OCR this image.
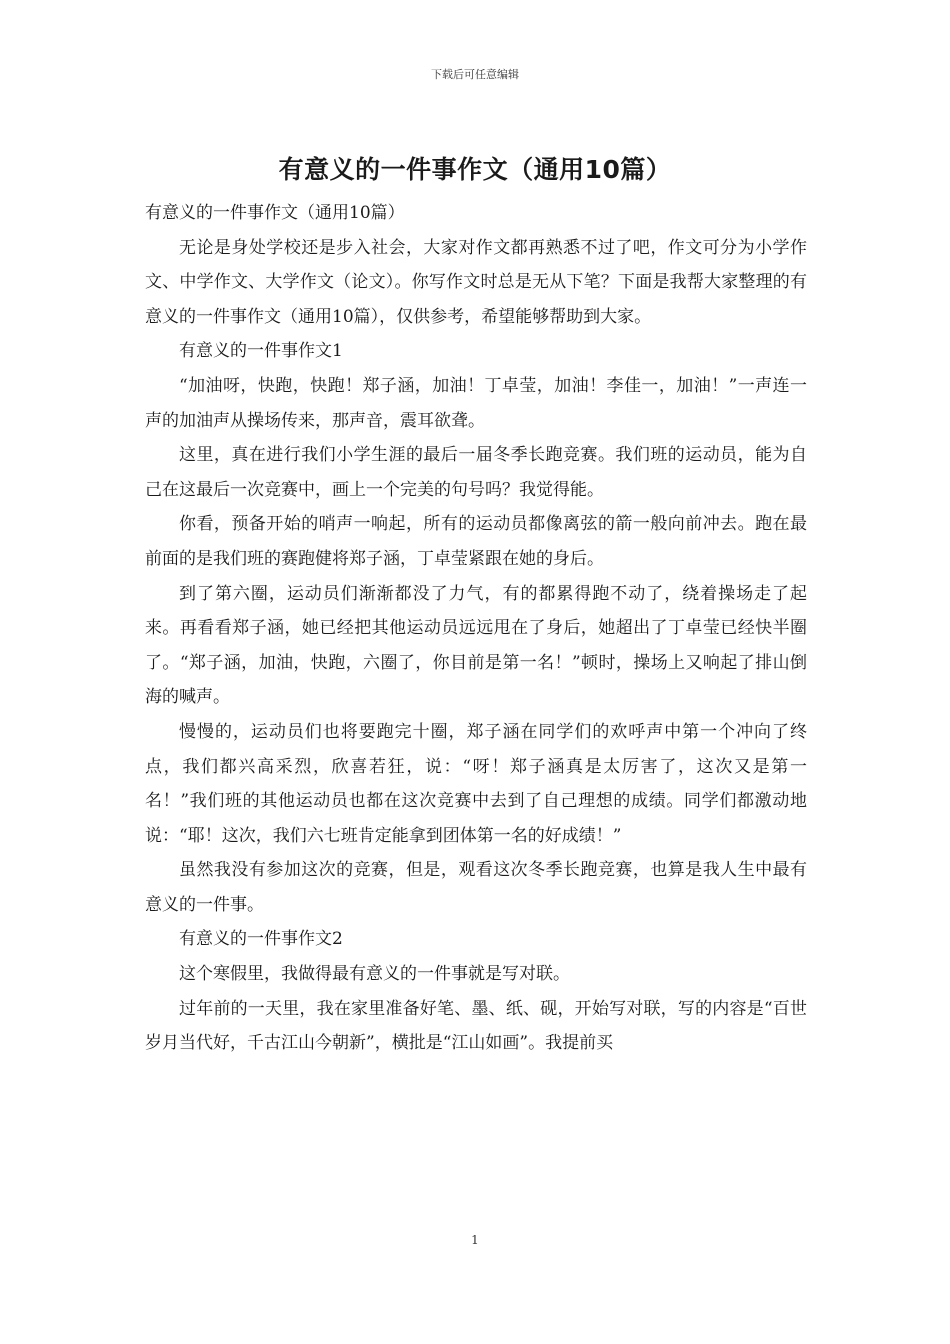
下载后可任意编辑
有意义的一件事作文（通用10篇）

有意义的一件事作文（通用10篇）

无论是身处学校还是步入社会，大家对作文都再熟悉不过了吧，作文可分为小学作文、中学作文、大学作文（论文）。你写作文时总是无从下笔？下面是我帮大家整理的有意义的一件事作文（通用10篇），仅供参考，希望能够帮助到大家。

有意义的一件事作文1

“加油呀，快跑，快跑！郑子涵，加油！丁卓莹，加油！李佳一，加油！”一声连一声的加油声从操场传来，那声音，震耳欲聋。

这里，真在进行我们小学生涯的最后一届冬季长跑竞赛。我们班的运动员，能为自己在这最后一次竞赛中，画上一个完美的句号吗？我觉得能。

你看，预备开始的哨声一响起，所有的运动员都像离弦的箭一般向前冲去。跑在最前面的是我们班的赛跑健将郑子涵，丁卓莹紧跟在她的身后。

到了第六圈，运动员们渐渐都没了力气，有的都累得跑不动了，绕着操场走了起来。再看看郑子涵，她已经把其他运动员远远甩在了身后，她超出了丁卓莹已经快半圈了。“郑子涵，加油，快跑，六圈了，你目前是第一名！”顿时，操场上又响起了排山倒海的喊声。

慢慢的，运动员们也将要跑完十圈，郑子涵在同学们的欢呼声中第一个冲向了终点，我们都兴高采烈，欣喜若狂，说：“呀！郑子涵真是太厉害了，这次又是第一名！”我们班的其他运动员也都在这次竞赛中去到了自己理想的成绩。同学们都激动地说：“耶！这次，我们六七班肯定能拿到团体第一名的好成绩！”

虽然我没有参加这次的竞赛，但是，观看这次冬季长跑竞赛，也算是我人生中最有意义的一件事。

有意义的一件事作文2

这个寒假里，我做得最有意义的一件事就是写对联。

过年前的一天里，我在家里准备好笔、墨、纸、砚，开始写对联，写的内容是“百世岁月当代好，千古江山今朝新”，横批是“江山如画”。我提前买

1
